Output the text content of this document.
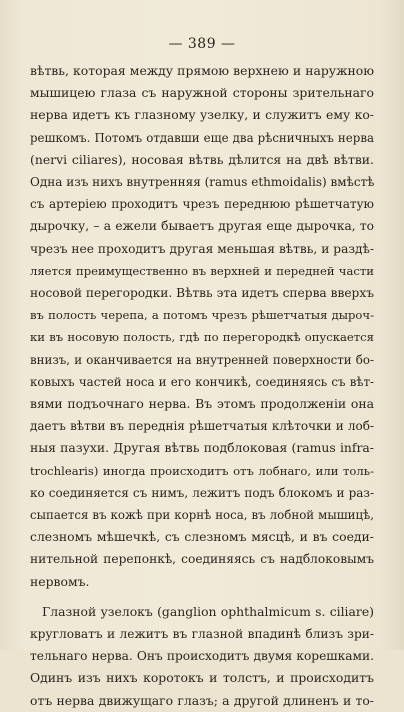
— 389 —
вѣтвь, которая между прямою верхнею и наружною
мышицею глаза съ наружной стороны зрительнаго
нерва идетъ къ глазному узелку, и служитъ ему ко-
решкомъ. Потомъ отдавши еще два рѣсничныхъ нерва
(nervi ciliares), носовая вѣтвь дѣлится на двѣ вѣтви.
Одна изъ нихъ внутренняя (ramus ethmoidalis) вмѣстѣ
съ артеріею проходитъ чрезъ переднюю рѣшетчатую
дырочку, – а ежели бываетъ другая еще дырочка, то
чрезъ нее проходитъ другая меньшая вѣтвь, и раздѣ-
ляется преимущественно въ верхней и передней части
носовой перегородки. Вѣтвь эта идетъ сперва вверхъ
въ полость черепа, а потомъ чрезъ рѣшетчатыя дыроч-
ки въ носовую полость, гдѣ по перегородкѣ опускается
внизъ, и оканчивается на внутренней поверхности бо-
ковыхъ частей носа и его кончикѣ, соединяясь съ вѣт-
вями подъочнаго нерва. Въ этомъ продолженіи она
даетъ вѣтви въ переднія рѣшетчатыя клѣточки и лоб-
ныя пазухи. Другая вѣтвь подблоковая (ramus infra-
trochlearis) иногда происходитъ отъ лобнаго, или толь-
ко соединяется съ нимъ, лежитъ подъ блокомъ и раз-
сыпается въ кожѣ при корнѣ носа, въ лобной мышицѣ,
слезномъ мѣшечкѣ, съ слезномъ мясцѣ, и въ соеди-
нительной перепонкѣ, соединяясь съ надблоковымъ
нервомъ.
Глазной узелокъ (ganglion ophthalmicum s. ciliare)
кругловатъ и лежитъ въ глазной впадинѣ близъ зри-
тельнаго нерва. Онъ происходитъ двумя корешками.
Одинъ изъ нихъ коротокъ и толстъ, и происходитъ
отъ нерва движущаго глазъ; а другой длиненъ и то-
